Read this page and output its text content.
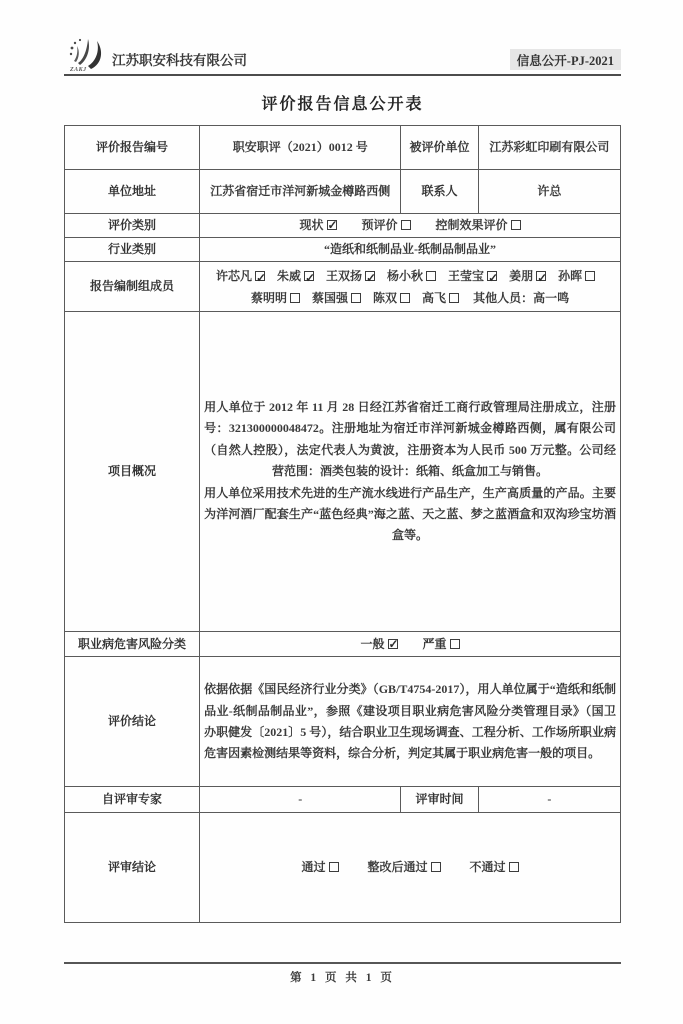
ZAKJ
江苏职安科技有限公司	信息公开-PJ-2021
评价报告信息公开表
评价报告编号	职安职评（2021）0012 号	被评价单位	江苏彩虹印刷有限公司
单位地址	江苏省宿迁市洋河新城金樽路西侧	联系人	许总
评价类别	现状 ✓ 预评价 控制效果评价
行业类别	“造纸和纸制品业-纸制品制品业”		
报告编制组成员	许芯凡 ✓ 朱威 ✓ 王双扬 ✓ 杨小秋 王莹宝 ✓ 姜朋✓ 孙晖
蔡明明 蔡国强 陈双 高飞 其他人员：高一鸣

项目概况	用人单位于 2012 年 11 月 28 日经江苏省宿迁工商行政管理局注册成立，注册号：321300000048472。注册地址为宿迁市洋河新城金樽路西侧，属有限公司（自然人控股），法定代表人为黄波，注册资本为人民币 500 万元整。公司经营范围：酒类包装的设计：纸箱、纸盒加工与销售。
用人单位采用技术先进的生产流水线进行产品生产，生产高质量的产品。主要为洋河酒厂配套生产“蓝色经典”海之蓝、天之蓝、梦之蓝酒盒和双沟珍宝坊酒盒等。		

职业病危害风险分类	一般 ✓ 严重
评价结论	依据依据《国民经济行业分类》（GB/T4754-2017），用人单位属于“造纸和纸制品业-纸制品制品业”，参照《建设项目职业病危害风险分类管理目录》（国卫办职健发〔2021〕5 号），结合职业卫生现场调查、工程分析、工作场所职业病危害因素检测结果等资料，综合分析，判定其属于职业病危害一般的项目。		

自评审专家	-	评审时间	-
评审结论	通过 整改后通过 不通过		
第 1 页 共 1 页
